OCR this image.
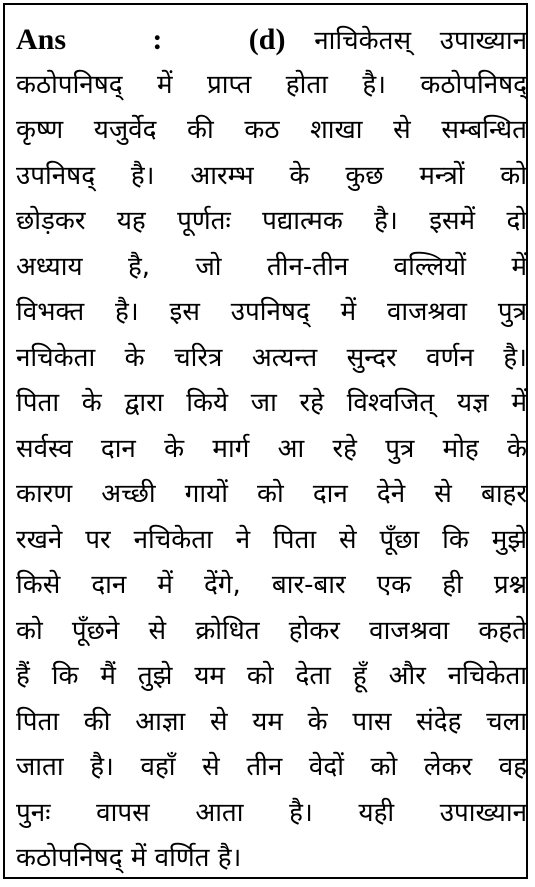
Ans	:	(d) नाचिकेतस् उपाख्यान
कठोपनिषद् में प्राप्त होता है। कठोपनिषद्
कृष्ण यजुर्वेद की कठ शाखा से सम्बन्धित
उपनिषद् है। आरम्भ के कुछ मन्त्रों को
छोड़कर यह पूर्णतः पद्यात्मक है। इसमें दो
अध्याय है, जो तीन-तीन वल्लियों में
विभक्त है। इस उपनिषद् में वाजश्रवा पुत्र
नचिकेता के चरित्र अत्यन्त सुन्दर वर्णन है।
पिता के द्वारा किये जा रहे विश्वजित् यज्ञ में
सर्वस्व दान के मार्ग आ रहे पुत्र मोह के
कारण अच्छी गायों को दान देने से बाहर
रखने पर नचिकेता ने पिता से पूँछा कि मुझे
किसे दान में देंगे, बार-बार एक ही प्रश्न
को पूँछने से क्रोधित होकर वाजश्रवा कहते
हैं कि मैं तुझे यम को देता हूँ और नचिकेता
पिता की आज्ञा से यम के पास संदेह चला
जाता है। वहाँ से तीन वेदों को लेकर वह
पुनः वापस आता है। यही उपाख्यान
कठोपनिषद् में वर्णित है।
